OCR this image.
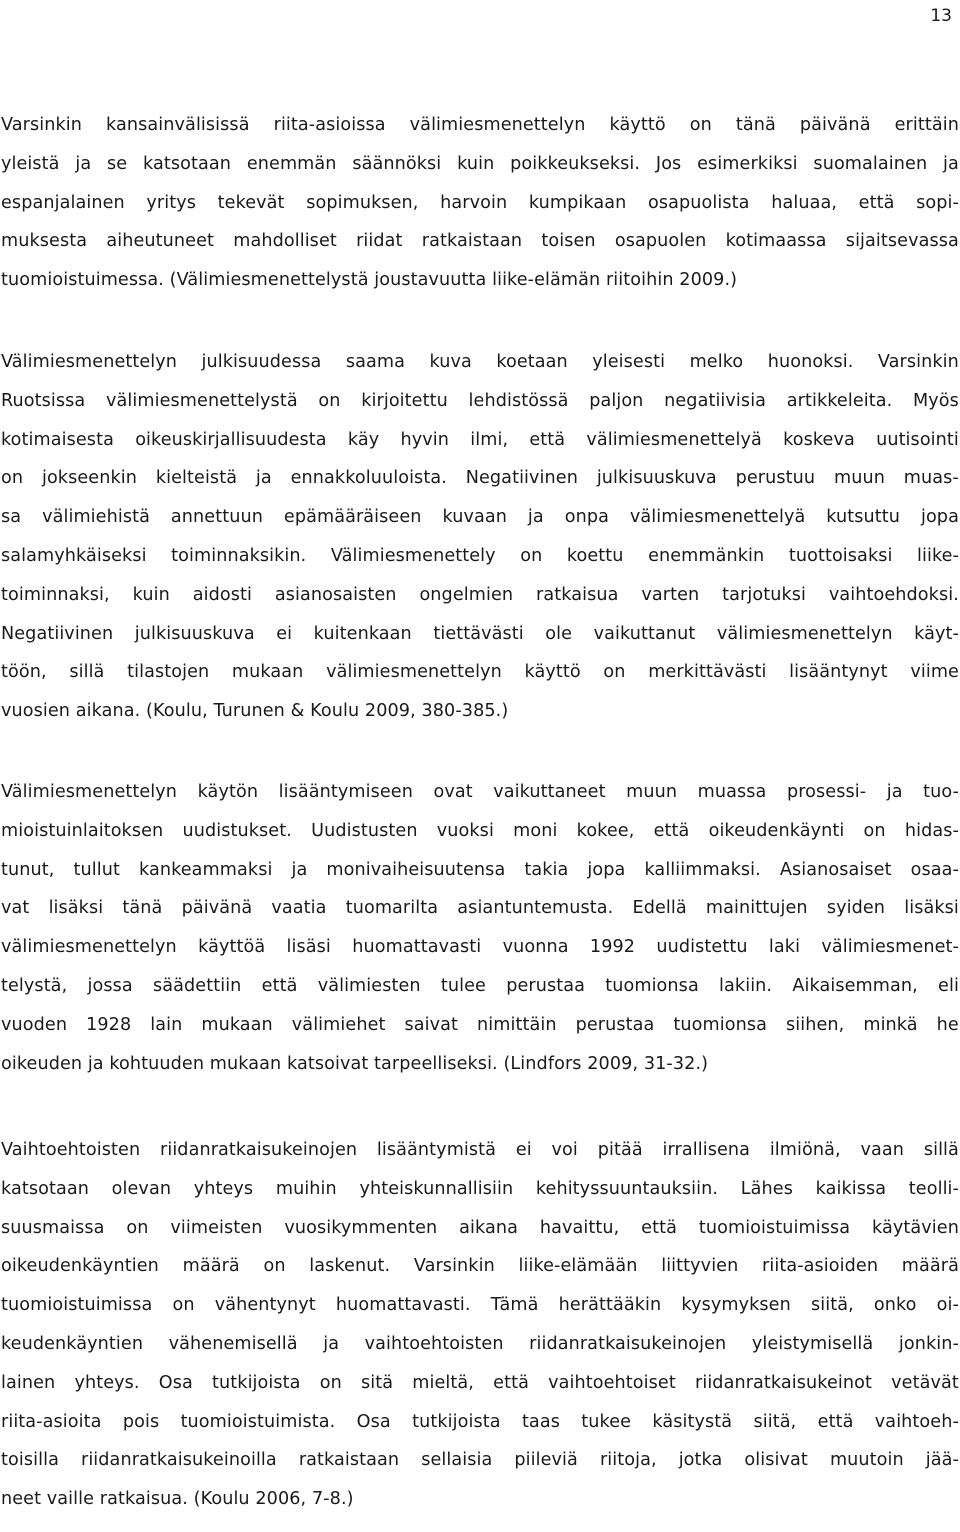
13
Varsinkin kansainvälisissä riita-asioissa välimiesmenettelyn käyttö on tänä päivänä erittäin
yleistä ja se katsotaan enemmän säännöksi kuin poikkeukseksi. Jos esimerkiksi suomalainen ja
espanjalainen yritys tekevät sopimuksen, harvoin kumpikaan osapuolista haluaa, että sopi-
muksesta aiheutuneet mahdolliset riidat ratkaistaan toisen osapuolen kotimaassa sijaitsevassa
tuomioistuimessa. (Välimiesmenettelystä joustavuutta liike-elämän riitoihin 2009.)
Välimiesmenettelyn julkisuudessa saama kuva koetaan yleisesti melko huonoksi. Varsinkin
Ruotsissa välimiesmenettelystä on kirjoitettu lehdistössä paljon negatiivisia artikkeleita. Myös
kotimaisesta oikeuskirjallisuudesta käy hyvin ilmi, että välimiesmenettelyä koskeva uutisointi
on jokseenkin kielteistä ja ennakkoluuloista. Negatiivinen julkisuuskuva perustuu muun muas-
sa välimiehistä annettuun epämääräiseen kuvaan ja onpa välimiesmenettelyä kutsuttu jopa
salamyhkäiseksi toiminnaksikin. Välimiesmenettely on koettu enemmänkin tuottoisaksi liike-
toiminnaksi, kuin aidosti asianosaisten ongelmien ratkaisua varten tarjotuksi vaihtoehdoksi.
Negatiivinen julkisuuskuva ei kuitenkaan tiettävästi ole vaikuttanut välimiesmenettelyn käyt-
töön, sillä tilastojen mukaan välimiesmenettelyn käyttö on merkittävästi lisääntynyt viime
vuosien aikana. (Koulu, Turunen & Koulu 2009, 380-385.)
Välimiesmenettelyn käytön lisääntymiseen ovat vaikuttaneet muun muassa prosessi- ja tuo-
mioistuinlaitoksen uudistukset. Uudistusten vuoksi moni kokee, että oikeudenkäynti on hidas-
tunut, tullut kankeammaksi ja monivaiheisuutensa takia jopa kalliimmaksi. Asianosaiset osaa-
vat lisäksi tänä päivänä vaatia tuomarilta asiantuntemusta. Edellä mainittujen syiden lisäksi
välimiesmenettelyn käyttöä lisäsi huomattavasti vuonna 1992 uudistettu laki välimiesmenet-
telystä, jossa säädettiin että välimiesten tulee perustaa tuomionsa lakiin. Aikaisemman, eli
vuoden 1928 lain mukaan välimiehet saivat nimittäin perustaa tuomionsa siihen, minkä he
oikeuden ja kohtuuden mukaan katsoivat tarpeelliseksi. (Lindfors 2009, 31-32.)
Vaihtoehtoisten riidanratkaisukeinojen lisääntymistä ei voi pitää irrallisena ilmiönä, vaan sillä
katsotaan olevan yhteys muihin yhteiskunnallisiin kehityssuuntauksiin. Lähes kaikissa teolli-
suusmaissa on viimeisten vuosikymmenten aikana havaittu, että tuomioistuimissa käytävien
oikeudenkäyntien määrä on laskenut. Varsinkin liike-elämään liittyvien riita-asioiden määrä
tuomioistuimissa on vähentynyt huomattavasti. Tämä herättääkin kysymyksen siitä, onko oi-
keudenkäyntien vähenemisellä ja vaihtoehtoisten riidanratkaisukeinojen yleistymisellä jonkin-
lainen yhteys. Osa tutkijoista on sitä mieltä, että vaihtoehtoiset riidanratkaisukeinot vetävät
riita-asioita pois tuomioistuimista. Osa tutkijoista taas tukee käsitystä siitä, että vaihtoeh-
toisilla riidanratkaisukeinoilla ratkaistaan sellaisia piileviä riitoja, jotka olisivat muutoin jää-
neet vaille ratkaisua. (Koulu 2006, 7-8.)
